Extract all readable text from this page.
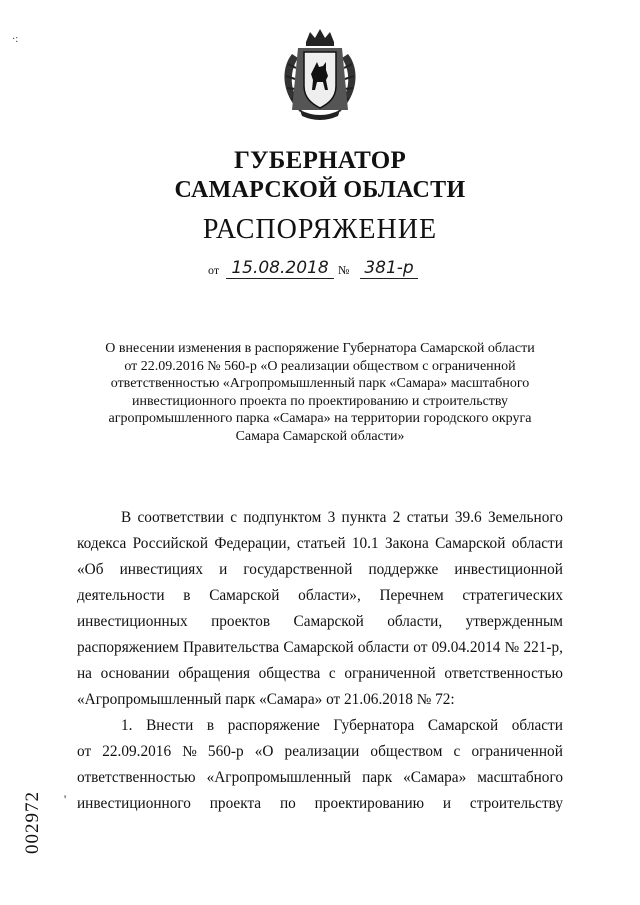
·:
ГУБЕРНАТОР
САМАРСКОЙ ОБЛАСТИ
РАСПОРЯЖЕНИЕ
от 15.08.2018 № 381-р
О внесении изменения в распоряжение Губернатора Самарской области
от 22.09.2016 № 560-р «О реализации обществом с ограниченной
ответственностью «Агропромышленный парк «Самара» масштабного
инвестиционного проекта по проектированию и строительству
агропромышленного парка «Самара» на территории городского округа
Самара Самарской области»
В соответствии с подпунктом 3 пункта 2 статьи 39.6 Земельного
кодекса Российской Федерации, статьей 10.1 Закона Самарской области
«Об инвестициях и государственной поддержке инвестиционной
деятельности в Самарской области», Перечнем стратегических
инвестиционных проектов Самарской области, утвержденным
распоряжением Правительства Самарской области от 09.04.2014 № 221-р,
на основании обращения общества с ограниченной ответственностью
«Агропромышленный парк «Самара» от 21.06.2018 № 72:
1. Внести в распоряжение Губернатора Самарской области
от 22.09.2016 № 560-р «О реализации обществом с ограниченной
ответственностью «Агропромышленный парк «Самара» масштабного
инвестиционного проекта по проектированию и строительству
002972 '
